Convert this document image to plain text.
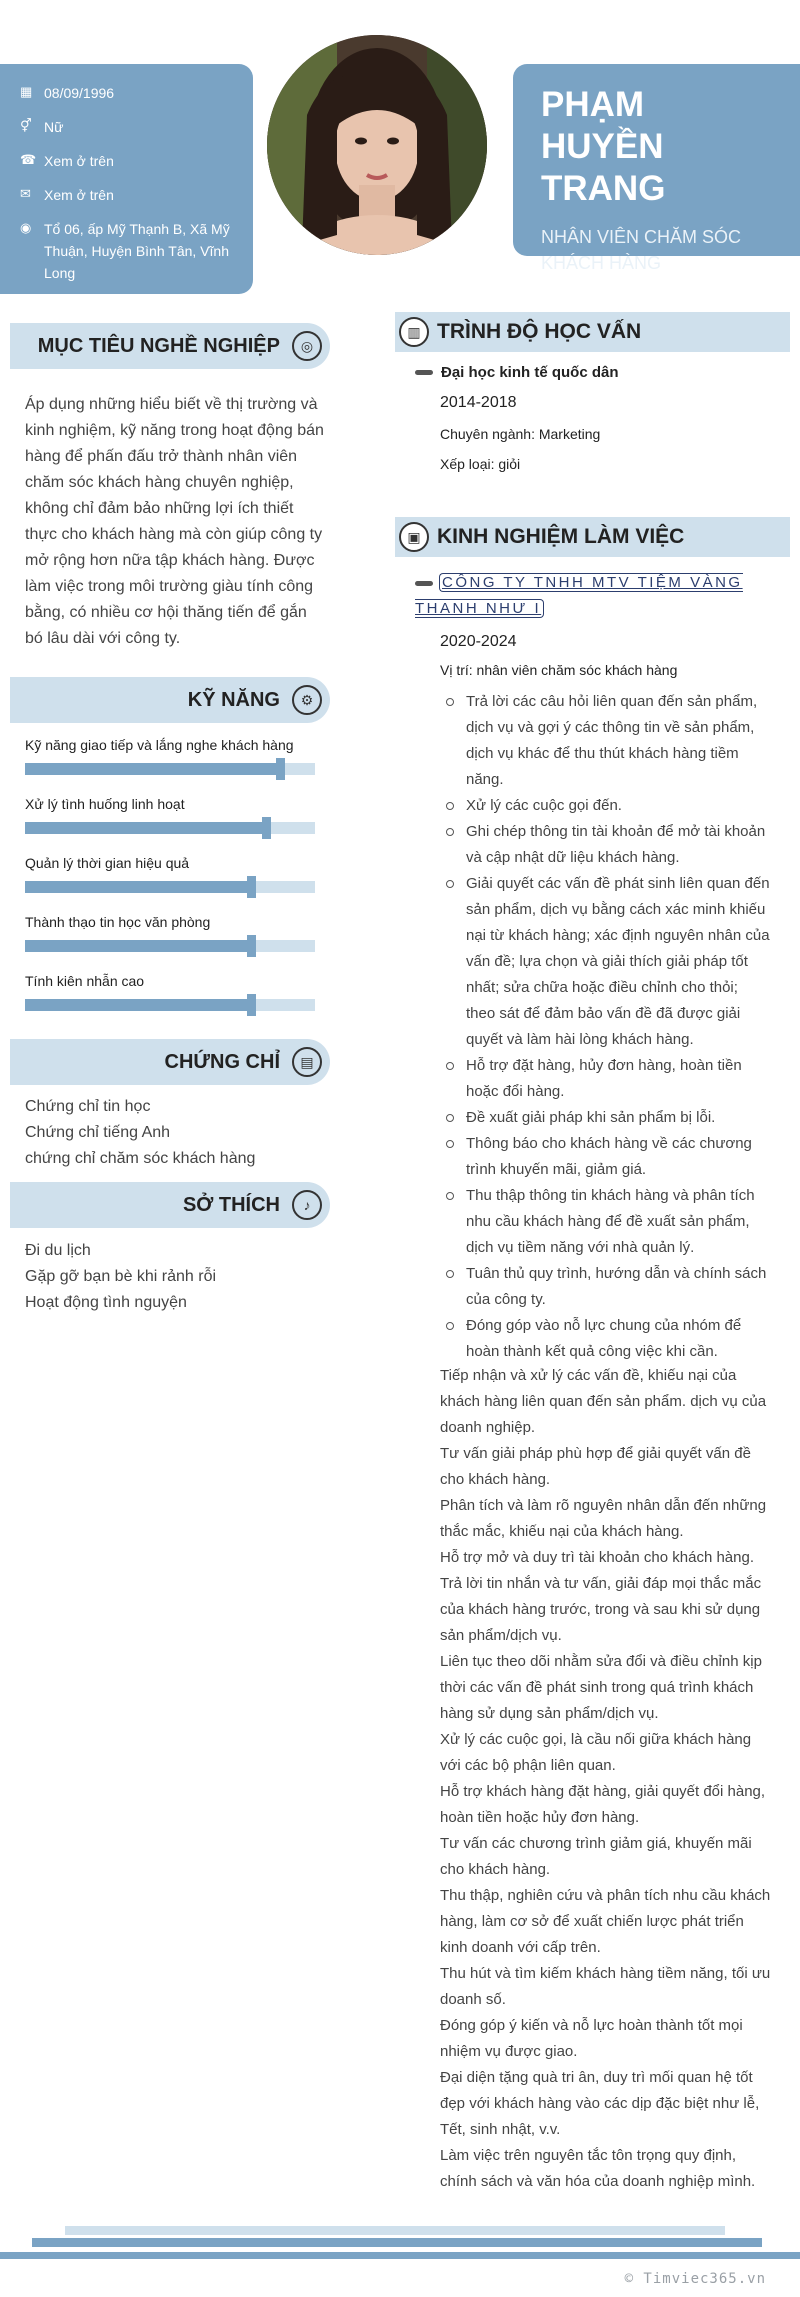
▦ 08/09/1996
⚥ Nữ
☎ Xem ở trên
✉ Xem ở trên
◉ Tổ 06, ấp Mỹ Thạnh B, Xã Mỹ Thuận, Huyện Bình Tân, Vĩnh Long
PHẠM HUYỀN TRANG
NHÂN VIÊN CHĂM SÓC KHÁCH HÀNG
MỤC TIÊU NGHỀ NGHIỆP	◎
Áp dụng những hiểu biết về thị trường và kinh nghiệm, kỹ năng trong hoạt động bán hàng để phấn đấu trở thành nhân viên chăm sóc khách hàng chuyên nghiệp, không chỉ đảm bảo những lợi ích thiết thực cho khách hàng mà còn giúp công ty mở rộng hơn nữa tập khách hàng. Được làm việc trong môi trường giàu tính công bằng, có nhiều cơ hội thăng tiến để gắn bó lâu dài với công ty.
KỸ NĂNG	⚙
Kỹ năng giao tiếp và lắng nghe khách hàng
Xử lý tình huống linh hoạt
Quản lý thời gian hiệu quả
Thành thạo tin học văn phòng
Tính kiên nhẫn cao
CHỨNG CHỈ	▤
Chứng chỉ tin học
Chứng chỉ tiếng Anh
chứng chỉ chăm sóc khách hàng
SỞ THÍCH	♪
Đi du lịch
Gặp gỡ bạn bè khi rảnh rỗi
Hoạt động tình nguyện
▥ TRÌNH ĐỘ HỌC VẤN
Đại học kinh tế quốc dân
2014-2018
Chuyên ngành: Marketing
Xếp loại: giỏi
▣ KINH NGHIỆM LÀM VIỆC
CÔNG TY TNHH MTV TIỆM VÀNG THANH NHƯ I
2020-2024
Vị trí: nhân viên chăm sóc khách hàng
Trả lời các câu hỏi liên quan đến sản phẩm, dịch vụ và gợi ý các thông tin về sản phẩm, dịch vụ khác để thu thút khách hàng tiềm năng.
Xử lý các cuộc gọi đến.
Ghi chép thông tin tài khoản để mở tài khoản và cập nhật dữ liệu khách hàng.
Giải quyết các vấn đề phát sinh liên quan đến sản phẩm, dịch vụ bằng cách xác minh khiếu nại từ khách hàng; xác định nguyên nhân của vấn đề; lựa chọn và giải thích giải pháp tốt nhất; sửa chữa hoặc điều chỉnh cho thỏi; theo sát để đảm bảo vấn đề đã được giải quyết và làm hài lòng khách hàng.
Hỗ trợ đặt hàng, hủy đơn hàng, hoàn tiền hoặc đổi hàng.
Đề xuất giải pháp khi sản phẩm bị lỗi.
Thông báo cho khách hàng về các chương trình khuyến mãi, giảm giá.
Thu thập thông tin khách hàng và phân tích nhu cầu khách hàng để đề xuất sản phẩm, dịch vụ tiềm năng với nhà quản lý.
Tuân thủ quy trình, hướng dẫn và chính sách của công ty.
Đóng góp vào nỗ lực chung của nhóm để hoàn thành kết quả công việc khi cần.

Tiếp nhận và xử lý các vấn đề, khiếu nại của khách hàng liên quan đến sản phẩm. dịch vụ của doanh nghiệp.

Tư vấn giải pháp phù hợp để giải quyết vấn đề cho khách hàng.

Phân tích và làm rõ nguyên nhân dẫn đến những thắc mắc, khiếu nại của khách hàng.

Hỗ trợ mở và duy trì tài khoản cho khách hàng.

Trả lời tin nhắn và tư vấn, giải đáp mọi thắc mắc của khách hàng trước, trong và sau khi sử dụng sản phẩm/dịch vụ.

Liên tục theo dõi nhằm sửa đổi và điều chỉnh kịp thời các vấn đề phát sinh trong quá trình khách hàng sử dụng sản phẩm/dịch vụ.

Xử lý các cuộc gọi, là cầu nối giữa khách hàng với các bộ phận liên quan.

Hỗ trợ khách hàng đặt hàng, giải quyết đổi hàng, hoàn tiền hoặc hủy đơn hàng.

Tư vấn các chương trình giảm giá, khuyến mãi cho khách hàng.

Thu thập, nghiên cứu và phân tích nhu cầu khách hàng, làm cơ sở để xuất chiến lược phát triển kinh doanh với cấp trên.

Thu hút và tìm kiếm khách hàng tiềm năng, tối ưu doanh số.

Đóng góp ý kiến và nỗ lực hoàn thành tốt mọi nhiệm vụ được giao.

Đại diện tặng quà tri ân, duy trì mối quan hệ tốt đẹp với khách hàng vào các dịp đặc biệt như lễ, Tết, sinh nhật, v.v.

Làm việc trên nguyên tắc tôn trọng quy định, chính sách và văn hóa của doanh nghiệp mình.

© Timviec365.vn
